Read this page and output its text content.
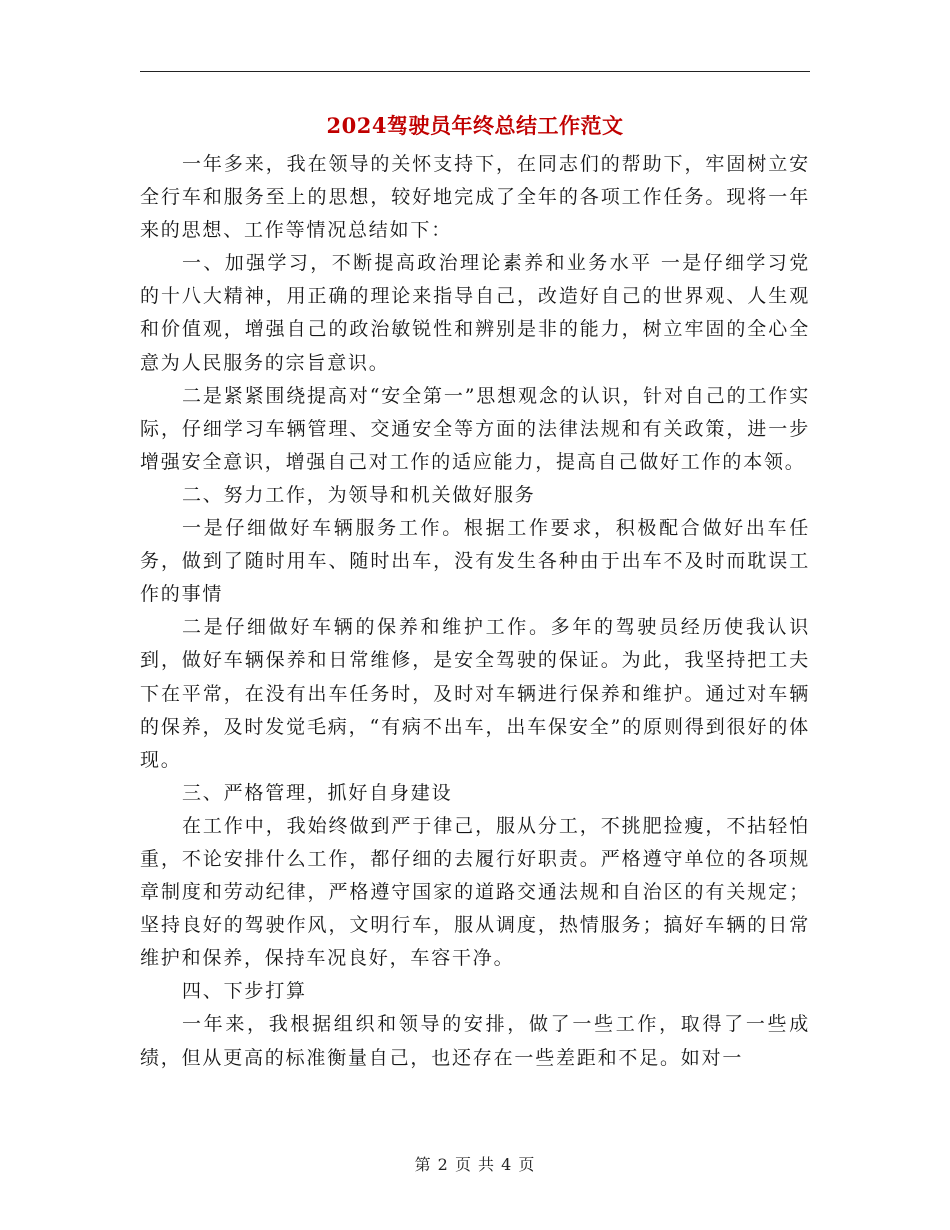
2024驾驶员年终总结工作范文

一年多来，我在领导的关怀支持下，在同志们的帮助下，牢固树立安全行车和服务至上的思想，较好地完成了全年的各项工作任务。现将一年来的思想、工作等情况总结如下：

一、加强学习，不断提高政治理论素养和业务水平 一是仔细学习党的十八大精神，用正确的理论来指导自己，改造好自己的世界观、人生观和价值观，增强自己的政治敏锐性和辨别是非的能力，树立牢固的全心全意为人民服务的宗旨意识。

二是紧紧围绕提高对“安全第一”思想观念的认识，针对自己的工作实际，仔细学习车辆管理、交通安全等方面的法律法规和有关政策，进一步增强安全意识，增强自己对工作的适应能力，提高自己做好工作的本领。

二、努力工作，为领导和机关做好服务

一是仔细做好车辆服务工作。根据工作要求，积极配合做好出车任务，做到了随时用车、随时出车，没有发生各种由于出车不及时而耽误工作的事情

二是仔细做好车辆的保养和维护工作。多年的驾驶员经历使我认识到，做好车辆保养和日常维修，是安全驾驶的保证。为此，我坚持把工夫下在平常，在没有出车任务时，及时对车辆进行保养和维护。通过对车辆的保养，及时发觉毛病，“有病不出车，出车保安全”的原则得到很好的体现。

三、严格管理，抓好自身建设

在工作中，我始终做到严于律己，服从分工，不挑肥捡瘦，不拈轻怕重，不论安排什么工作，都仔细的去履行好职责。严格遵守单位的各项规章制度和劳动纪律，严格遵守国家的道路交通法规和自治区的有关规定；坚持良好的驾驶作风，文明行车，服从调度，热情服务；搞好车辆的日常维护和保养，保持车况良好，车容干净。

四、下步打算

一年来，我根据组织和领导的安排，做了一些工作，取得了一些成绩，但从更高的标准衡量自己，也还存在一些差距和不足。如对一

第 2 页 共 4 页
